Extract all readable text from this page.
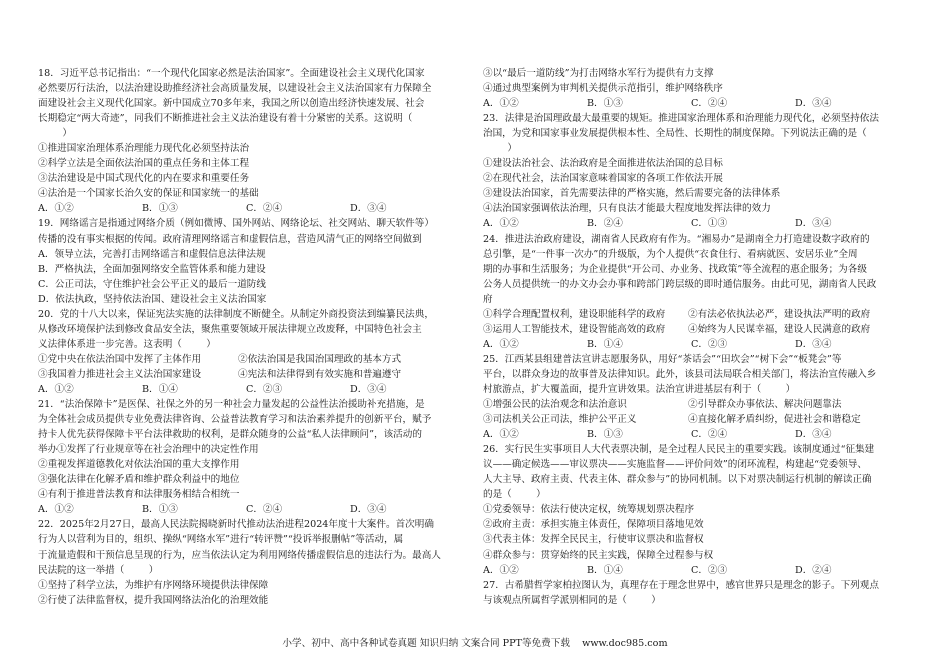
18．习近平总书记指出：“一个现代化国家必然是法治国家”。全面建设社会主义现代化国家
必然要厉行法治，以法治建设助推经济社会高质量发展，以建设社会主义法治国家有力保障全
面建设社会主义现代化国家。新中国成立70多年来，我国之所以创造出经济快速发展、社会
长期稳定“两大奇迹”，同我们不断推进社会主义法治建设有着十分紧密的关系。这说明（
）
①推进国家治理体系治理能力现代化必须坚持法治
②科学立法是全面依法治国的重点任务和主体工程
③法治建设是中国式现代化的内在要求和重要任务
④法治是一个国家长治久安的保证和国家统一的基础
A．①②	B．①③	C．②④	D．③④
19．网络谣言是指通过网络介质（例如微博、国外网站、网络论坛、社交网站、聊天软件等）
传播的没有事实根据的传闻。政府清理网络谣言和虚假信息，营造风清气正的网络空间做到
A．领导立法，完善打击网络谣言和虚假信息法律法规
B．严格执法，全面加强网络安全监管体系和能力建设
C．公正司法，守住维护社会公平正义的最后一道防线
D．依法执政，坚持依法治国、建设社会主义法治国家
20．党的十八大以来，保证宪法实施的法律制度不断健全。从制定外商投资法到编纂民法典，
从修改环境保护法到修改食品安全法，聚焦重要领域开展法律规立改废释，中国特色社会主
义法律体系进一步完善。这表明（        ）
①党中央在依法治国中发挥了主体作用	②依法治国是我国治国理政的基本方式
③我国着力推进社会主义法治国家建设	④宪法和法律得到有效实施和普遍遵守
A．①②	B．①④	C．②③	D．③④
21．“法治保障卡”是医保、社保之外的另一种社会力量发起的公益性法治援助补充措施，是
为全体社会成员提供专业免费法律咨询、公益普法教育学习和法治素养提升的创新平台，赋予
持卡人优先获得保障卡平台法律救助的权利，是群众随身的公益“私人法律顾问”，该活动的
举办①发挥了行业规章等在社会治理中的决定性作用
②重视发挥道德教化对依法治国的重大支撑作用
③强化法律在化解矛盾和维护群众利益中的地位
④有利于推进普法教育和法律服务相结合相统一
A．①②	B．①③	C．②④	D．③④
22．2025年2月27日，最高人民法院揭晓新时代推动法治进程2024年度十大案件。首次明确
行为人以营利为目的，组织、操纵“网络水军”进行“转评赞”“投诉举报删帖”等活动，属
于流量造假和干预信息呈现的行为，应当依法认定为利用网络传播虚假信息的违法行为。最高人
民法院的这一举措（        ）
①坚持了科学立法，为维护有序网络环境提供法律保障
②行使了法律监督权，提升我国网络法治化的治理效能
③以“最后一道防线”为打击网络水军行为提供有力支撑
④通过典型案例为审判机关提供示范指引，维护网络秩序
A．①②	B．①③	C．②④	D．③④
23．法律是治国理政最大最重要的规矩。推进国家治理体系和治理能力现代化，必须坚持依法
治国，为党和国家事业发展提供根本性、全局性、长期性的制度保障。下列说法正确的是（
）
①建设法治社会、法治政府是全面推进依法治国的总目标
②在现代社会，法治国家意味着国家的各项工作依法开展
③建设法治国家，首先需要法律的严格实施，然后需要完备的法律体系
④法治国家强调依法治理，只有良法才能最大程度地发挥法律的效力
A．①②	B．②④	C．①③	D．③④
24．推进法治政府建设，湖南省人民政府有作为。“湘易办”是湖南全力打造建设数字政府的
总引擎，是“一件事一次办”的升级版，为个人提供“衣食住行、看病就医、安居乐业”全周
期的办事和生活服务；为企业提供“开公司、办业务、找政策”等全流程的惠企服务；为各级
公务人员提供统一的办文办会办事和跨部门跨层级的即时通信服务。由此可见，湖南省人民政
府
①科学合理配置权利，建设职能科学的政府	②有法必依执法必严，建设执法严明的政府
③运用人工智能技术，建设智能高效的政府	④始终为人民谋幸福，建设人民满意的政府
A．①②	B．①④	C．②③	D．③④
25．江西某县组建普法宣讲志愿服务队，用好“茶话会”“田坎会”“树下会”“板凳会”等
平台，以群众身边的故事普及法律知识。此外，该县司法局联合相关部门，将法治宣传融入乡
村旅游点，扩大覆盖面，提升宣讲效果。法治宣讲进基层有利于（        ）
①增强公民的法治观念和法治意识	②引导群众办事依法、解决问题靠法
③司法机关公正司法，维护公平正义	④直接化解矛盾纠纷，促进社会和谐稳定
A．①②	B．①③	C．②④	D．③④
26．实行民生实事项目人大代表票决制，是全过程人民民主的重要实践。该制度通过“征集建
议——确定候选——审议票决——实施监督——评价问效”的闭环流程，构建起“党委领导、
人大主导、政府主责、代表主体、群众参与”的协同机制。以下对票决制运行机制的解读正确
的是（        ）
①党委领导：依法行使决定权，统筹规划票决程序
②政府主责：承担实施主体责任，保障项目落地见效
③代表主体：发挥全民民主，行使审议票决和监督权
④群众参与：贯穿始终的民主实践，保障全过程参与权
A．①②	B．①④	C．②③	D．②④
27．古希腊哲学家柏拉图认为，真理存在于理念世界中，感官世界只是理念的影子。下列观点
与该观点所属哲学派别相同的是（        ）
小学、初中、高中各种试卷真题 知识归纳 文案合同 PPT等免费下载    www.doc985.com
